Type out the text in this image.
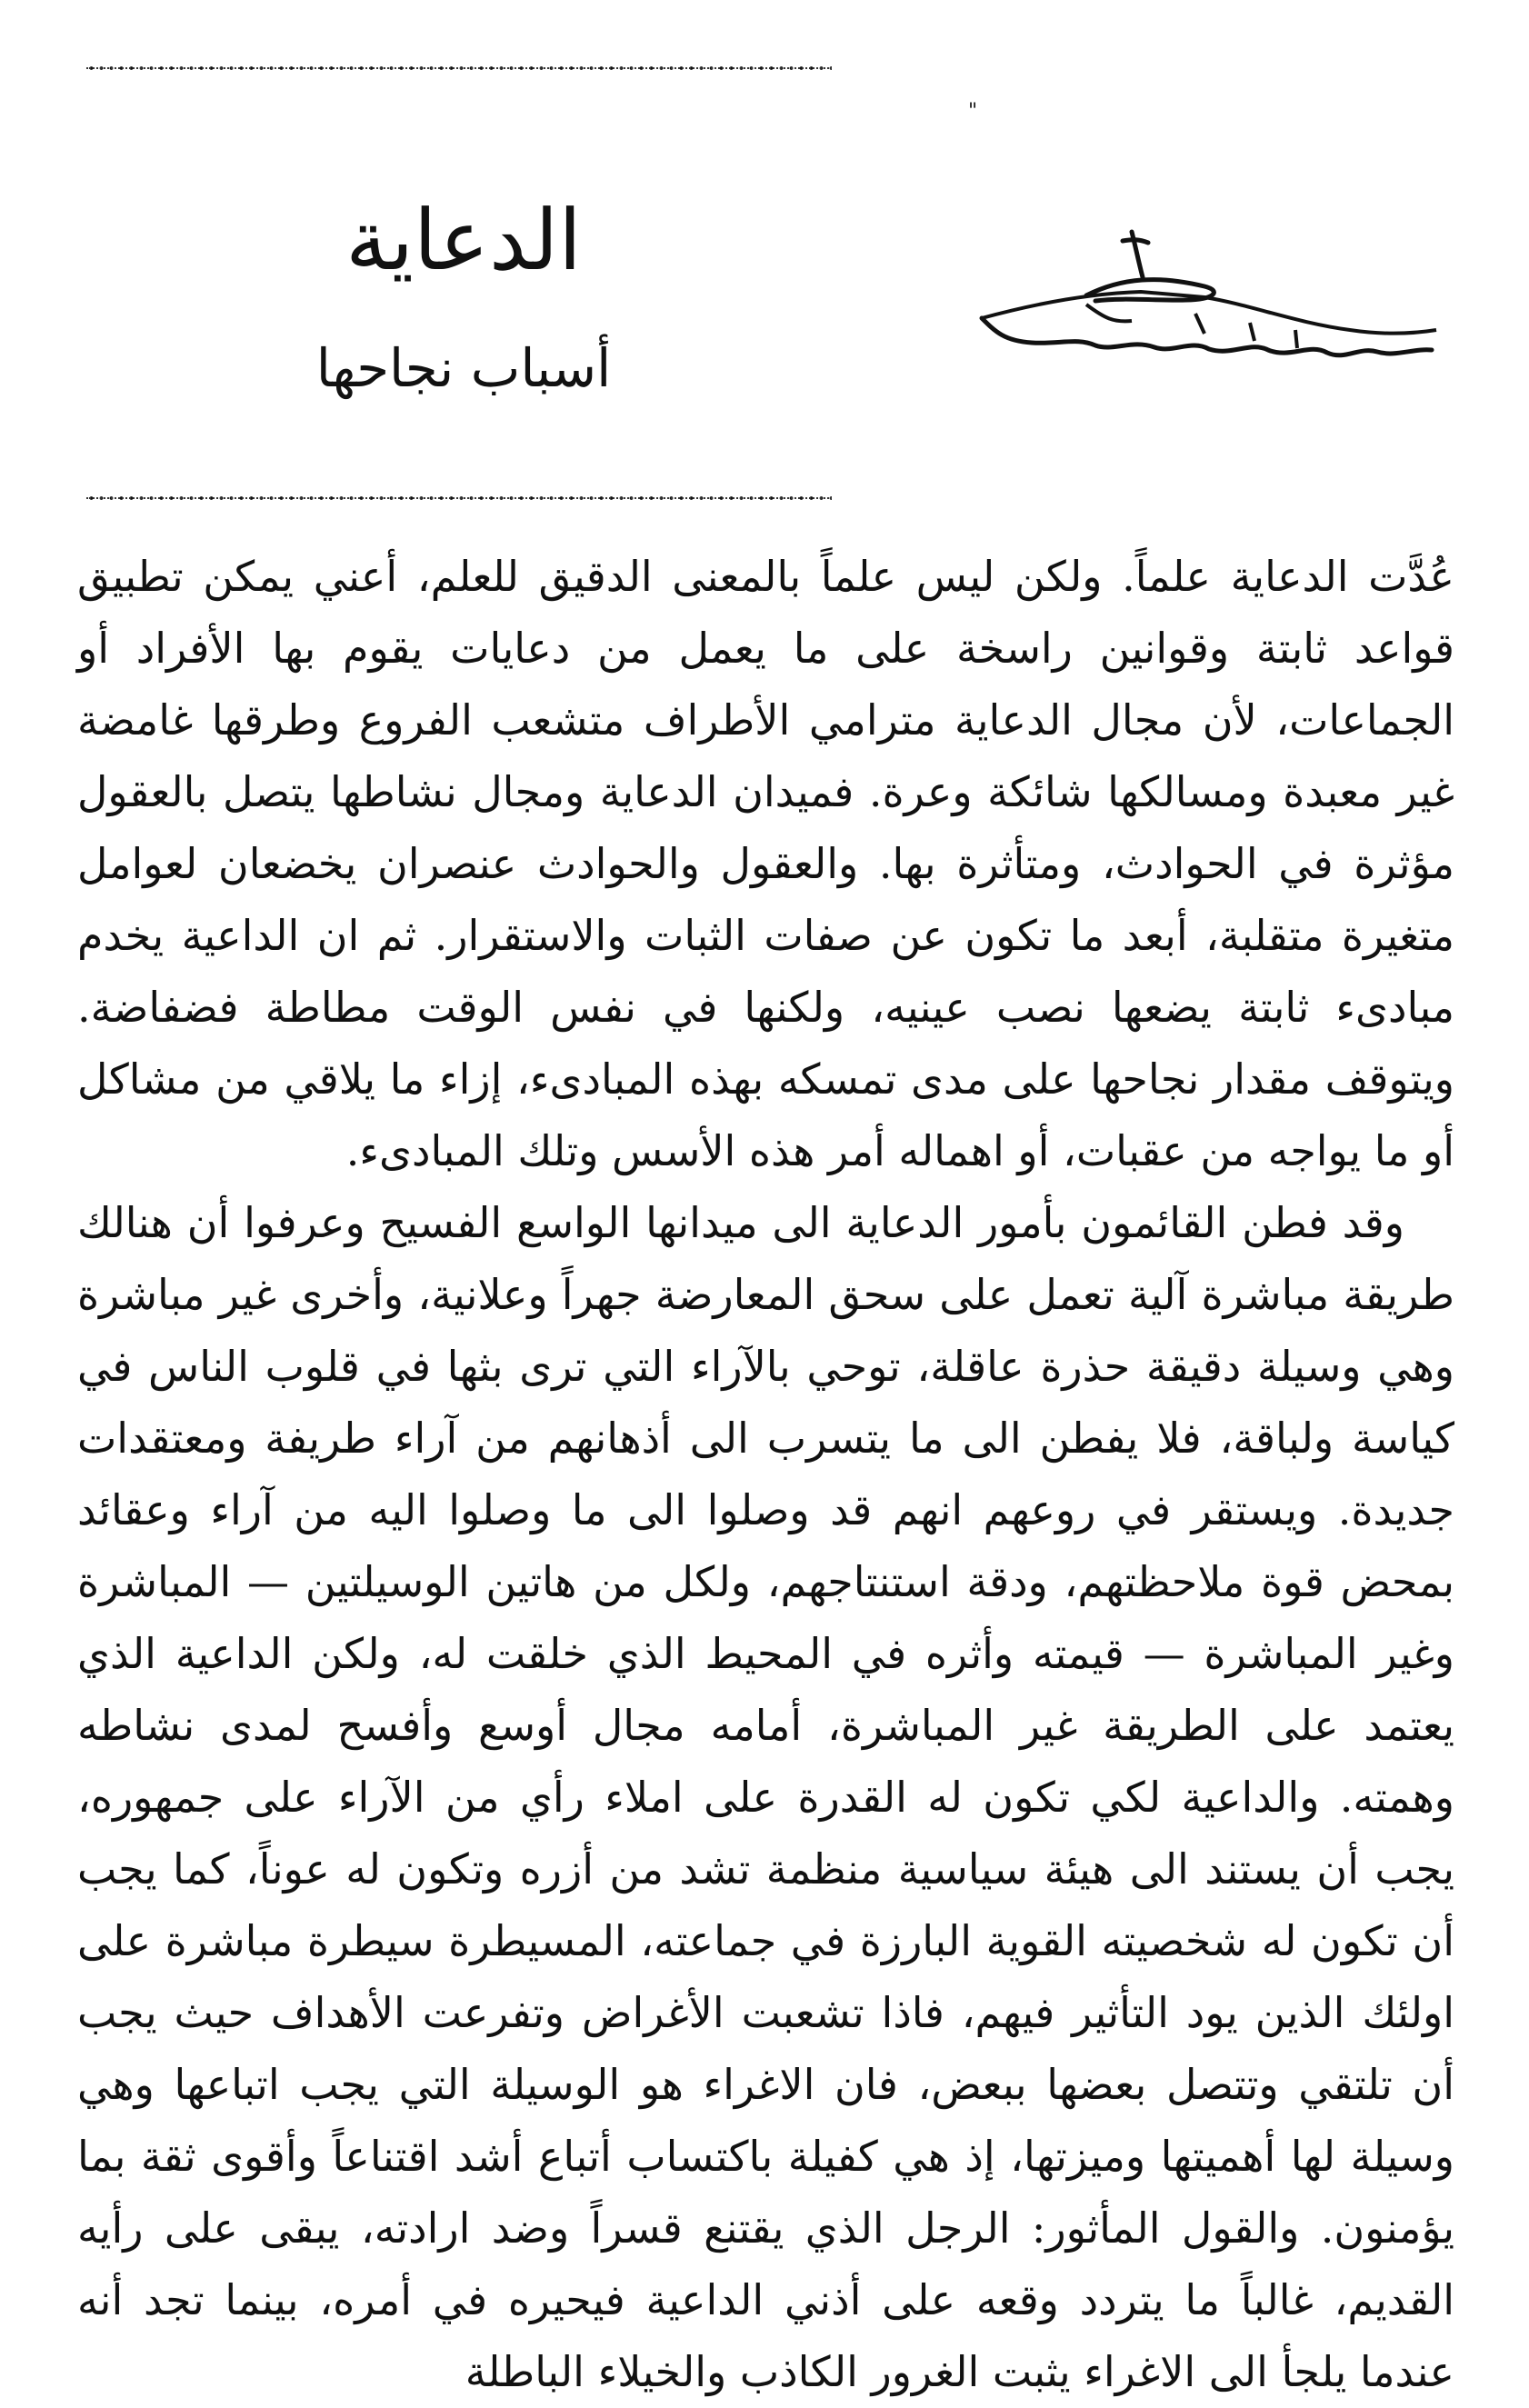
"
الدعاية
أسباب نجاحها

عُدَّت الدعاية علماً. ولكن ليس علماً بالمعنى الدقيق للعلم، أعني يمكن تطبيق قواعد ثابتة وقوانين راسخة على ما يعمل من دعايات يقوم بها الأفراد أو الجماعات، لأن مجال الدعاية مترامي الأطراف متشعب الفروع وطرقها غامضة غير معبدة ومسالكها شائكة وعرة. فميدان الدعاية ومجال نشاطها يتصل بالعقول مؤثرة في الحوادث، ومتأثرة بها. والعقول والحوادث عنصران يخضعان لعوامل متغيرة متقلبة، أبعد ما تكون عن صفات الثبات والاستقرار. ثم ان الداعية يخدم مبادىء ثابتة يضعها نصب عينيه، ولكنها في نفس الوقت مطاطة فضفاضة. ويتوقف مقدار نجاحها على مدى تمسكه بهذه المبادىء، إزاء ما يلاقي من مشاكل أو ما يواجه من عقبات، أو اهماله أمر هذه الأسس وتلك المبادىء.

وقد فطن القائمون بأمور الدعاية الى ميدانها الواسع الفسيح وعرفوا أن هنالك طريقة مباشرة آلية تعمل على سحق المعارضة جهراً وعلانية، وأخرى غير مباشرة وهي وسيلة دقيقة حذرة عاقلة، توحي بالآراء التي ترى بثها في قلوب الناس في كياسة ولباقة، فلا يفطن الى ما يتسرب الى أذهانهم من آراء طريفة ومعتقدات جديدة. ويستقر في روعهم انهم قد وصلوا الى ما وصلوا اليه من آراء وعقائد بمحض قوة ملاحظتهم، ودقة استنتاجهم، ولكل من هاتين الوسيلتين — المباشرة وغير المباشرة — قيمته وأثره في المحيط الذي خلقت له، ولكن الداعية الذي يعتمد على الطريقة غير المباشرة، أمامه مجال أوسع وأفسح لمدى نشاطه وهمته. والداعية لكي تكون له القدرة على املاء رأي من الآراء على جمهوره، يجب أن يستند الى هيئة سياسية منظمة تشد من أزره وتكون له عوناً، كما يجب أن تكون له شخصيته القوية البارزة في جماعته، المسيطرة سيطرة مباشرة على اولئك الذين يود التأثير فيهم، فاذا تشعبت الأغراض وتفرعت الأهداف حيث يجب أن تلتقي وتتصل بعضها ببعض، فان الاغراء هو الوسيلة التي يجب اتباعها وهي وسيلة لها أهميتها وميزتها، إذ هي كفيلة باكتساب أتباع أشد اقتناعاً وأقوى ثقة بما يؤمنون. والقول المأثور: الرجل الذي يقتنع قسراً وضد ارادته، يبقى على رأيه القديم، غالباً ما يتردد وقعه على أذني الداعية فيحيره في أمره، بينما تجد أنه عندما يلجأ الى الاغراء يثبت الغرور الكاذب والخيلاء الباطلة
